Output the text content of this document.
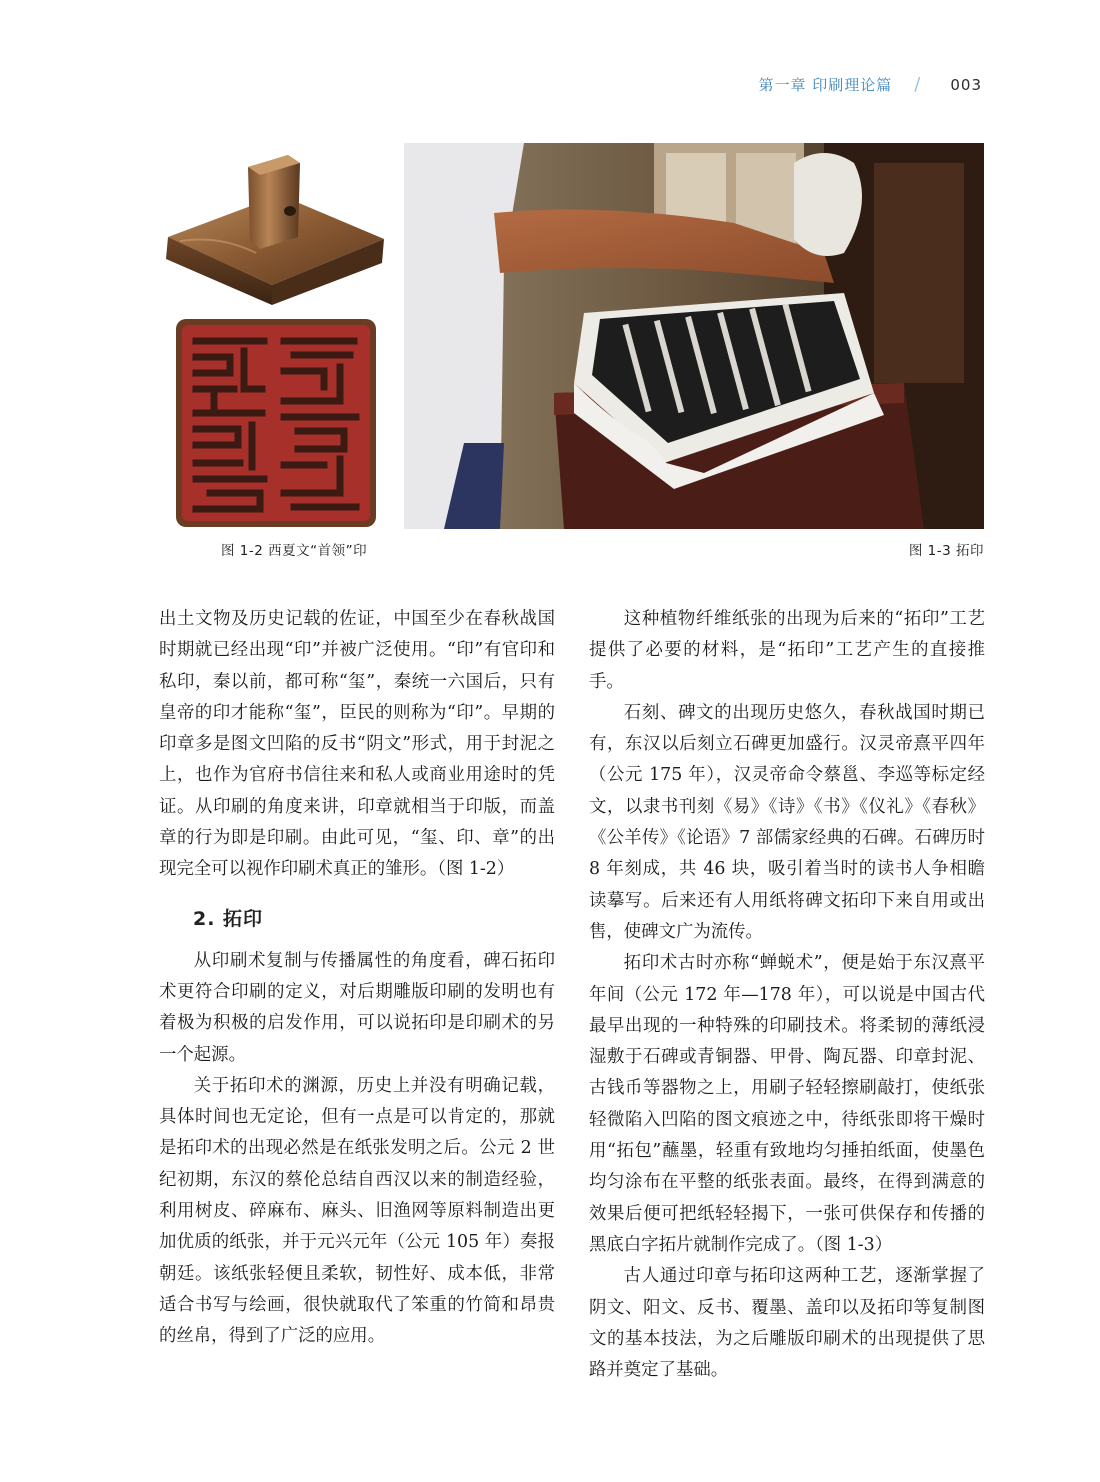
第一章 印刷理论篇 / 003
图 1-2 西夏文“首领”印	图 1-3 拓印

出土文物及历史记载的佐证，中国至少在春秋战国时期就已经出现“印”并被广泛使用。“印”有官印和私印，秦以前，都可称“玺”，秦统一六国后，只有皇帝的印才能称“玺”，臣民的则称为“印”。早期的印章多是图文凹陷的反书“阴文”形式，用于封泥之上，也作为官府书信往来和私人或商业用途时的凭证。从印刷的角度来讲，印章就相当于印版，而盖章的行为即是印刷。由此可见，“玺、印、章”的出现完全可以视作印刷术真正的雏形。（图 1-2）

2. 拓印

从印刷术复制与传播属性的角度看，碑石拓印术更符合印刷的定义，对后期雕版印刷的发明也有着极为积极的启发作用，可以说拓印是印刷术的另一个起源。

关于拓印术的渊源，历史上并没有明确记载，具体时间也无定论，但有一点是可以肯定的，那就是拓印术的出现必然是在纸张发明之后。公元 2 世纪初期，东汉的蔡伦总结自西汉以来的制造经验，利用树皮、碎麻布、麻头、旧渔网等原料制造出更加优质的纸张，并于元兴元年（公元 105 年）奏报朝廷。该纸张轻便且柔软，韧性好、成本低，非常适合书写与绘画，很快就取代了笨重的竹简和昂贵的丝帛，得到了广泛的应用。

这种植物纤维纸张的出现为后来的“拓印”工艺提供了必要的材料，是“拓印”工艺产生的直接推手。

石刻、碑文的出现历史悠久，春秋战国时期已有，东汉以后刻立石碑更加盛行。汉灵帝熹平四年（公元 175 年），汉灵帝命令蔡邕、李巡等标定经文，以隶书刊刻《易》《诗》《书》《仪礼》《春秋》《公羊传》《论语》7 部儒家经典的石碑。石碑历时 8 年刻成，共 46 块，吸引着当时的读书人争相瞻读摹写。后来还有人用纸将碑文拓印下来自用或出售，使碑文广为流传。

拓印术古时亦称“蝉蜕术”，便是始于东汉熹平年间（公元 172 年—178 年），可以说是中国古代最早出现的一种特殊的印刷技术。将柔韧的薄纸浸湿敷于石碑或青铜器、甲骨、陶瓦器、印章封泥、古钱币等器物之上，用刷子轻轻擦刷敲打，使纸张轻微陷入凹陷的图文痕迹之中，待纸张即将干燥时用“拓包”蘸墨，轻重有致地均匀捶拍纸面，使墨色均匀涂布在平整的纸张表面。最终，在得到满意的效果后便可把纸轻轻揭下，一张可供保存和传播的黑底白字拓片就制作完成了。（图 1-3）

古人通过印章与拓印这两种工艺，逐渐掌握了阴文、阳文、反书、覆墨、盖印以及拓印等复制图文的基本技法，为之后雕版印刷术的出现提供了思路并奠定了基础。
